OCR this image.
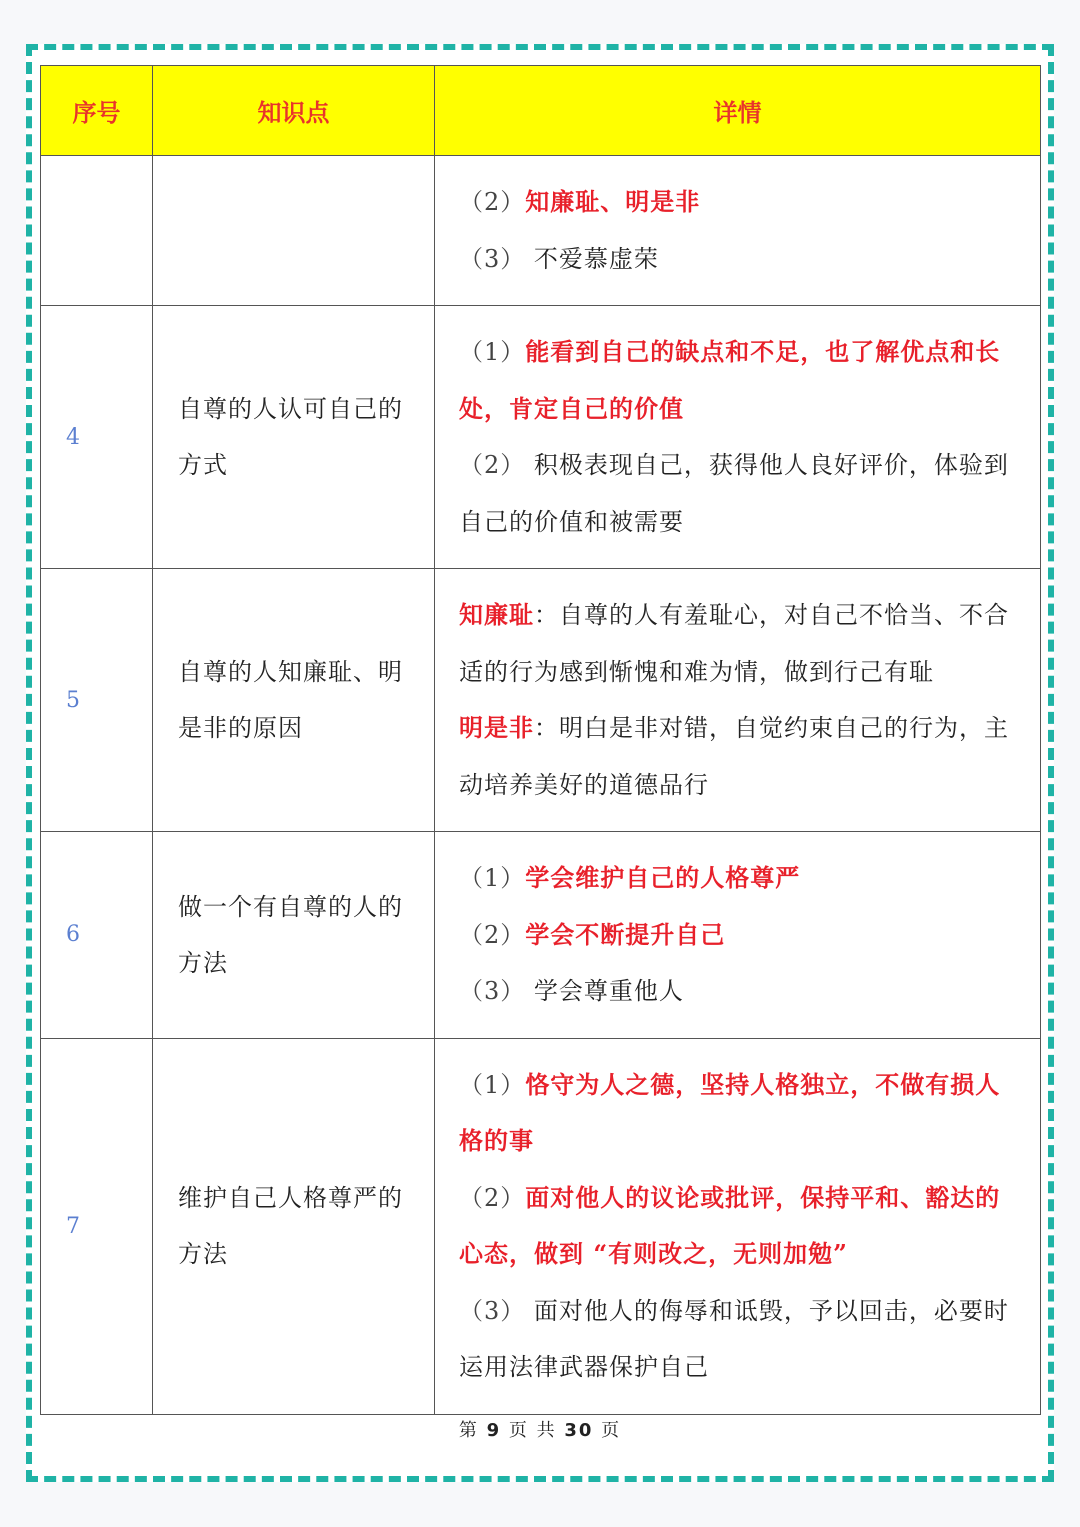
序号	知识点	详情

		（2）知廉耻、明是非
（3） 不爱慕虚荣

4	自尊的人认可自己的方式	（1）能看到自己的缺点和不足，也了解优点和长处，肯定自己的价值
（2） 积极表现自己，获得他人良好评价，体验到自己的价值和被需要

5	自尊的人知廉耻、明是非的原因	知廉耻：自尊的人有羞耻心，对自己不恰当、不合适的行为感到惭愧和难为情，做到行己有耻
明是非：明白是非对错，自觉约束自己的行为，主动培养美好的道德品行

6	做一个有自尊的人的方法	（1）学会维护自己的人格尊严
（2）学会不断提升自己
（3） 学会尊重他人

7	维护自己人格尊严的方法	（1）恪守为人之德，坚持人格独立，不做有损人格的事
（2）面对他人的议论或批评，保持平和、豁达的心态，做到 “有则改之，无则加勉”
（3） 面对他人的侮辱和诋毁，予以回击，必要时运用法律武器保护自己
第 9 页 共 30 页
